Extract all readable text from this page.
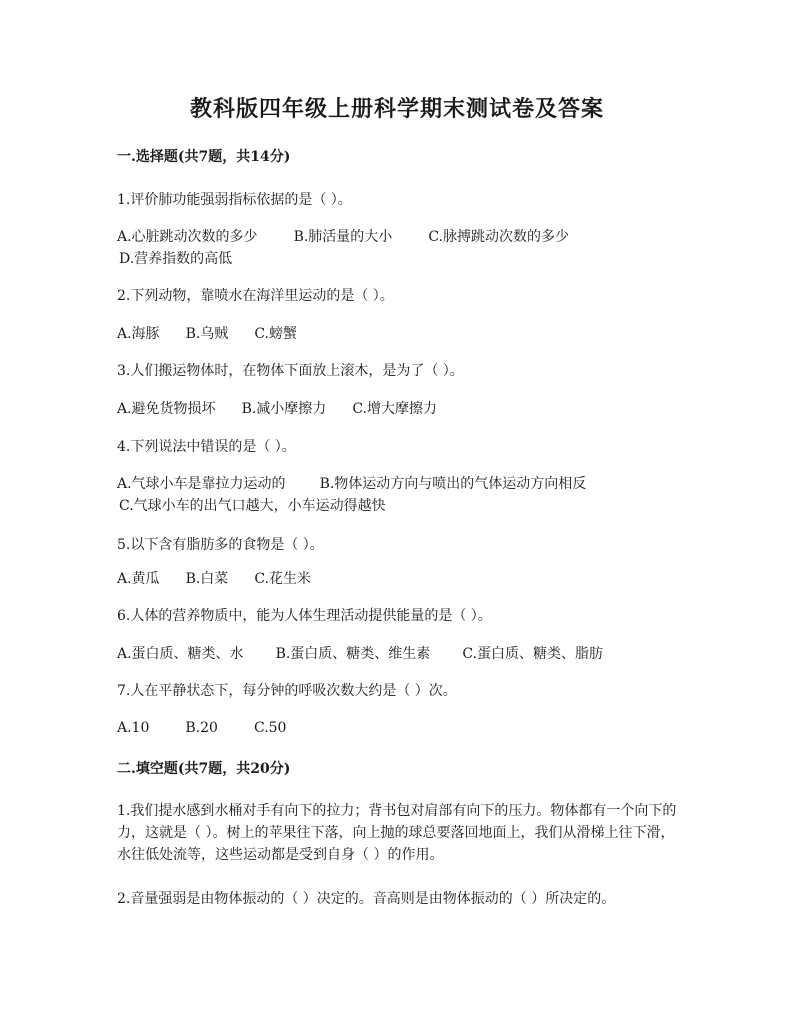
教科版四年级上册科学期末测试卷及答案
一.选择题(共7题，共14分)
1.评价肺功能强弱指标依据的是（ ）。
A.心脏跳动次数的多少	B.肺活量的大小	C.脉搏跳动次数的多少
D.营养指数的高低
2.下列动物，靠喷水在海洋里运动的是（ ）。
A.海豚 B.乌贼 C.螃蟹
3.人们搬运物体时，在物体下面放上滚木，是为了（ ）。
A.避免货物损坏 B.减小摩擦力 C.增大摩擦力
4.下列说法中错误的是（ ）。
A.气球小车是靠拉力运动的 B.物体运动方向与喷出的气体运动方向相反
C.气球小车的出气口越大，小车运动得越快
5.以下含有脂肪多的食物是（ ）。
A.黄瓜 B.白菜 C.花生米
6.人体的营养物质中，能为人体生理活动提供能量的是（ ）。
A.蛋白质、糖类、水 B.蛋白质、糖类、维生素 C.蛋白质、糖类、脂肪
7.人在平静状态下，每分钟的呼吸次数大约是（ ）次。
A.10	B.20	C.50
二.填空题(共7题，共20分)
1.我们提水感到水桶对手有向下的拉力；背书包对肩部有向下的压力。物体都有一个向下的力，这就是（ ）。树上的苹果往下落，向上抛的球总要落回地面上，我们从滑梯上往下滑，水往低处流等，这些运动都是受到自身（ ）的作用。
2.音量强弱是由物体振动的（ ）决定的。音高则是由物体振动的（ ）所决定的。
